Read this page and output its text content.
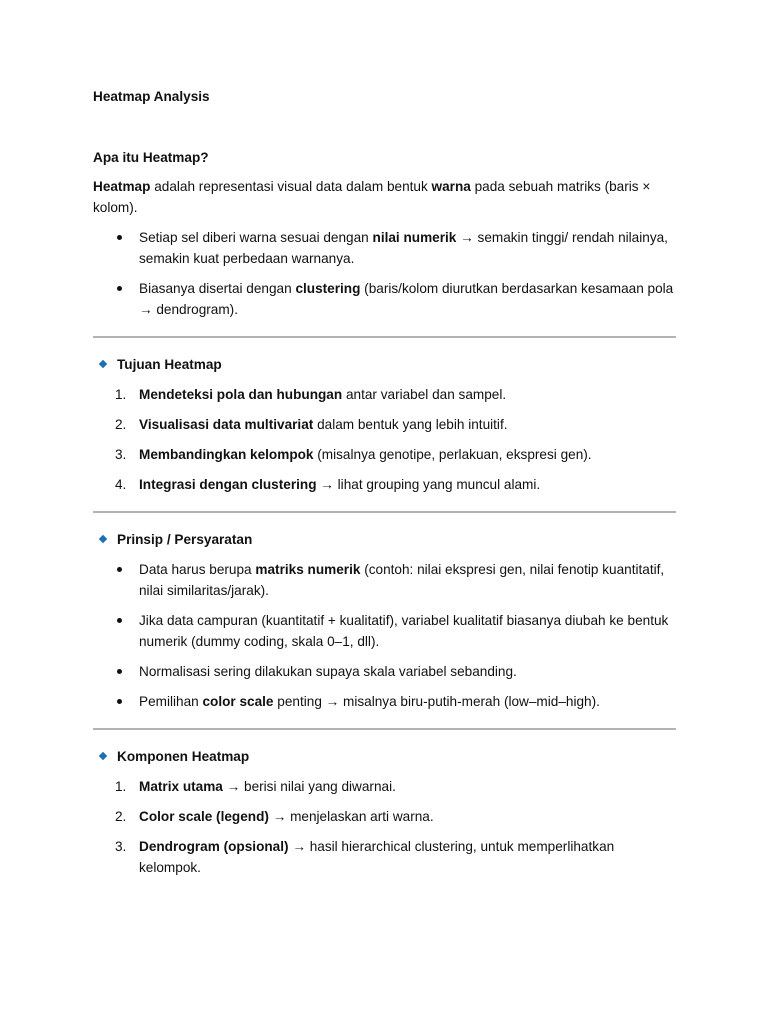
Heatmap Analysis

Apa itu Heatmap?

Heatmap adalah representasi visual data dalam bentuk warna pada sebuah matriks (baris × kolom).

Setiap sel diberi warna sesuai dengan nilai numerik → semakin tinggi/ rendah nilainya, semakin kuat perbedaan warnanya.
Biasanya disertai dengan clustering (baris/kolom diurutkan berdasarkan kesamaan pola → dendrogram).
Tujuan Heatmap
1. Mendeteksi pola dan hubungan antar variabel dan sampel.
2. Visualisasi data multivariat dalam bentuk yang lebih intuitif.
3. Membandingkan kelompok (misalnya genotipe, perlakuan, ekspresi gen).
4. Integrasi dengan clustering → lihat grouping yang muncul alami.
Prinsip / Persyaratan
Data harus berupa matriks numerik (contoh: nilai ekspresi gen, nilai fenotip kuantitatif, nilai similaritas/jarak).
Jika data campuran (kuantitatif + kualitatif), variabel kualitatif biasanya diubah ke bentuk numerik (dummy coding, skala 0–1, dll).
Normalisasi sering dilakukan supaya skala variabel sebanding.
Pemilihan color scale penting → misalnya biru-putih-merah (low–mid–high).
Komponen Heatmap
1. Matrix utama → berisi nilai yang diwarnai.
2. Color scale (legend) → menjelaskan arti warna.
3. Dendrogram (opsional) → hasil hierarchical clustering, untuk memperlihatkan kelompok.
